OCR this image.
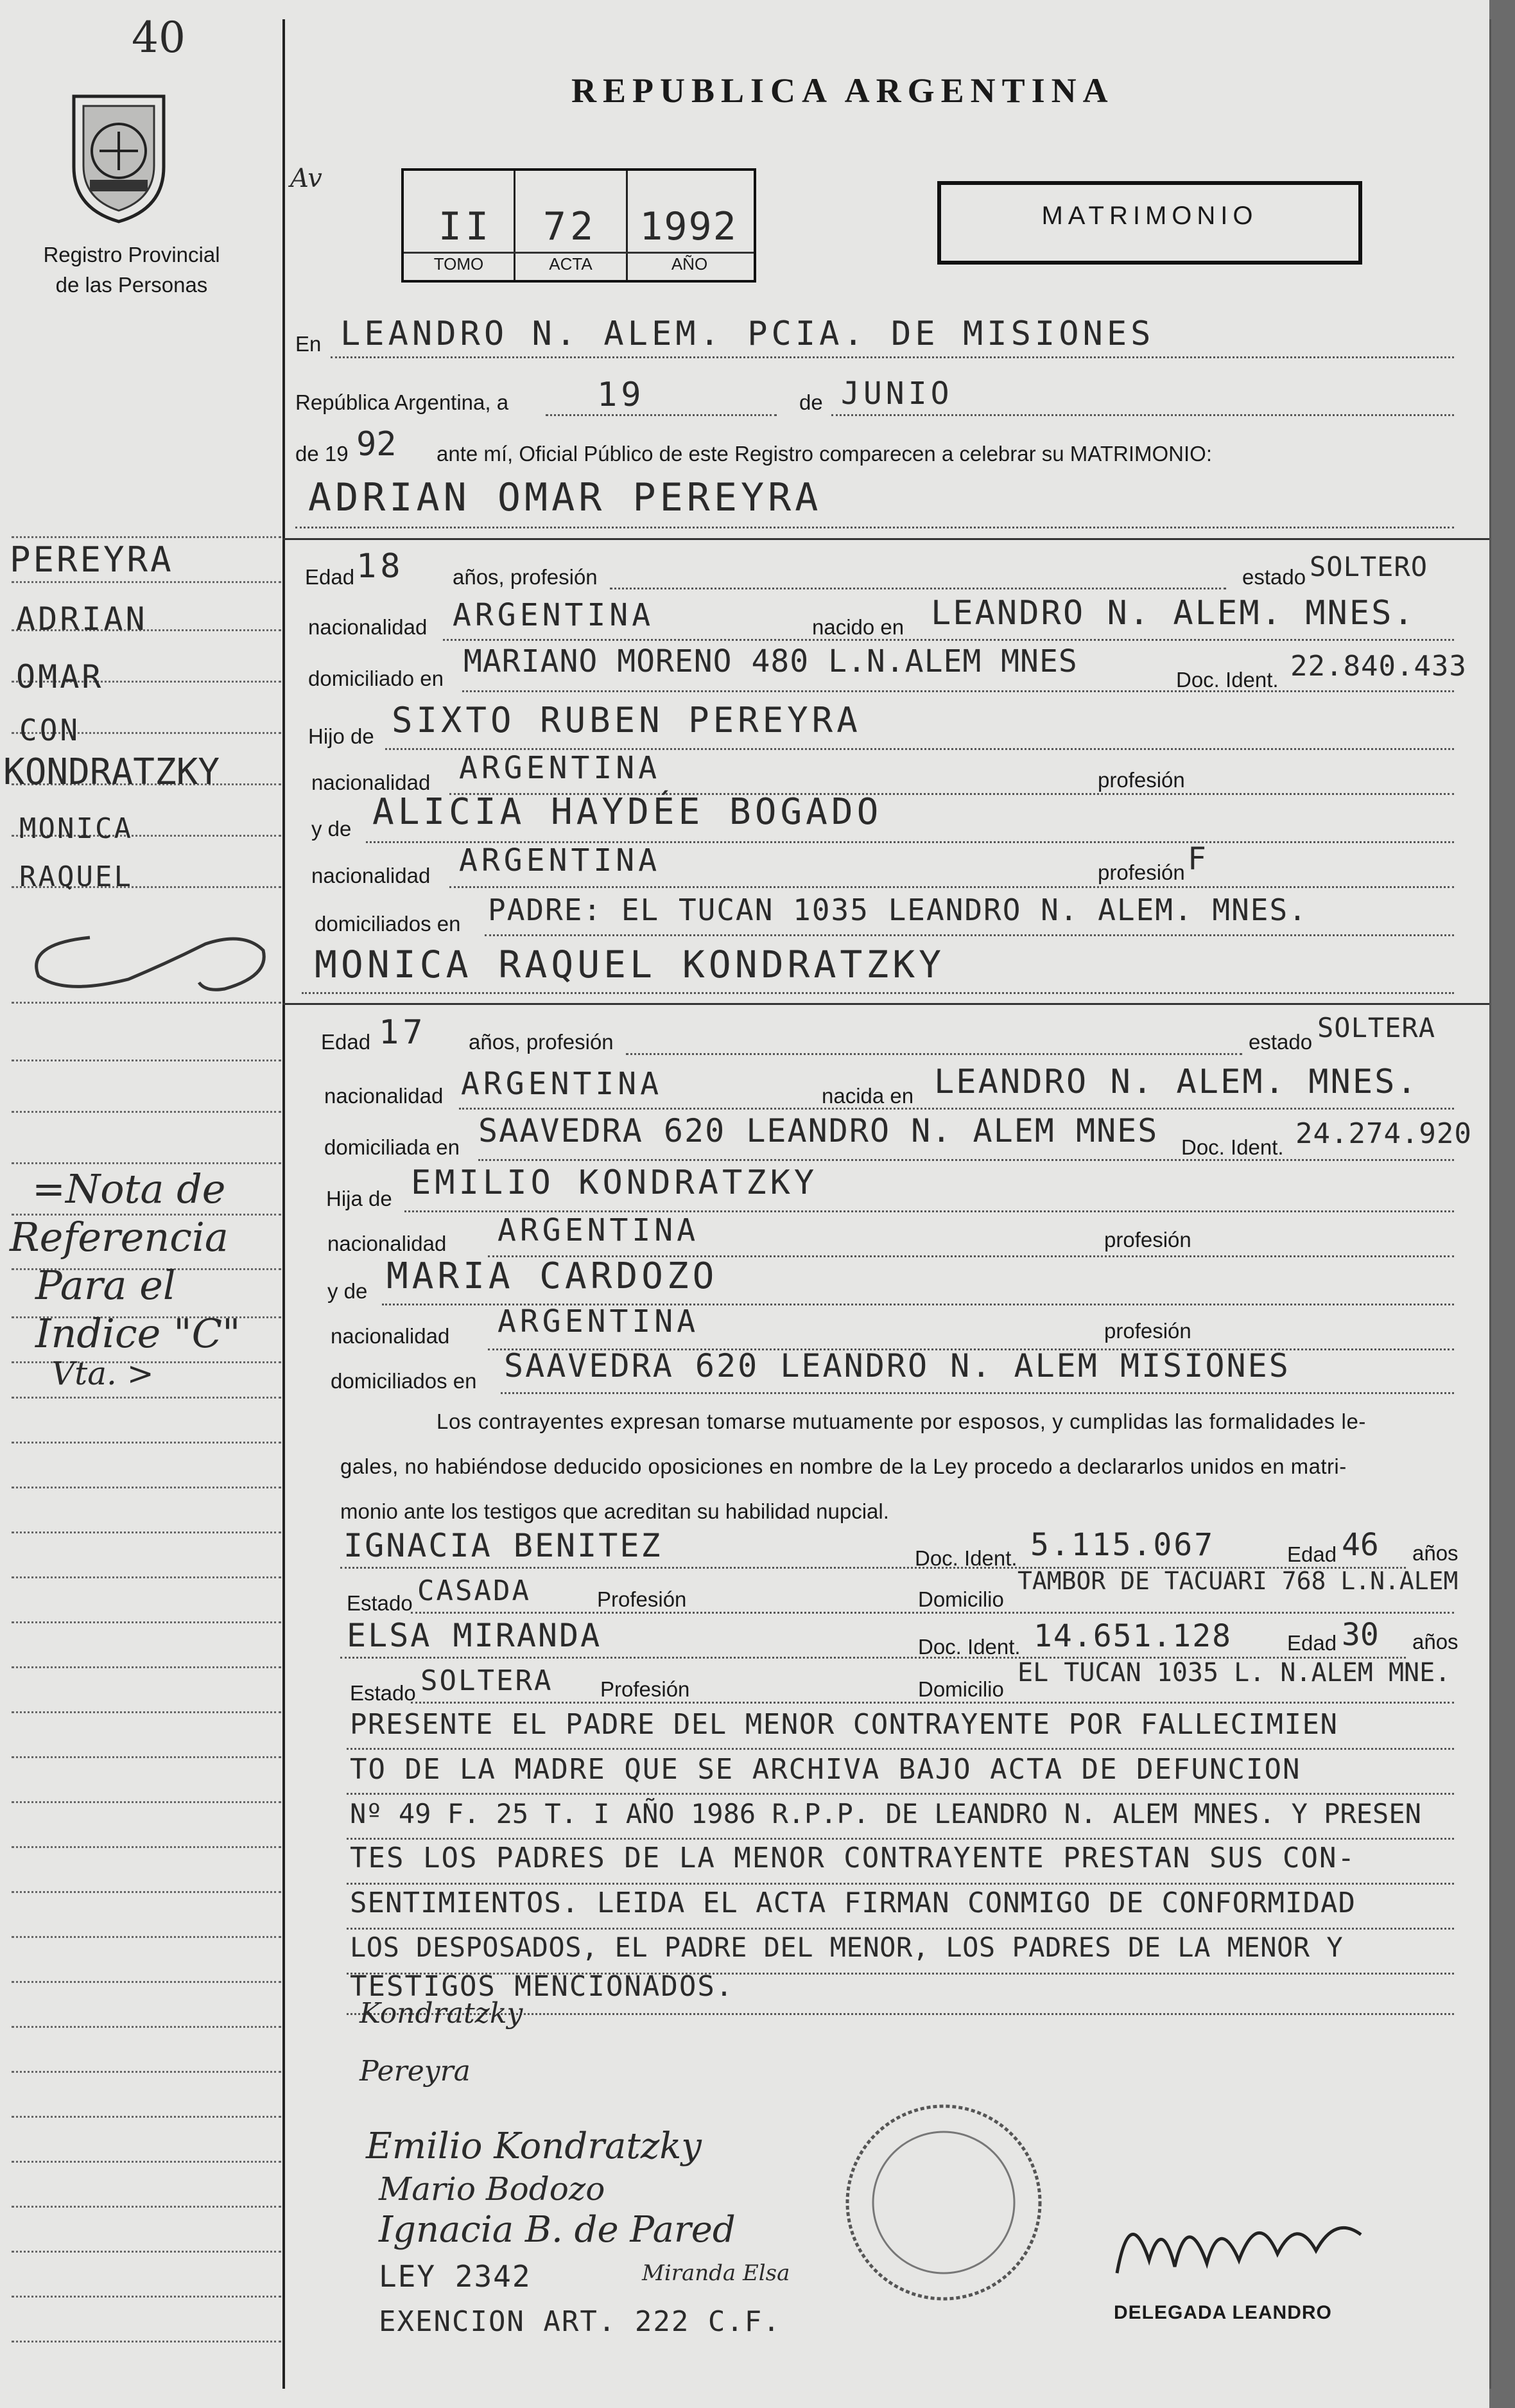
40
Registro Provincial
de las Personas
REPUBLICA ARGENTINA
Av
II	72	1992
TOMO	ACTA	AÑO
MATRIMONIO
En LEANDRO N. ALEM. PCIA. DE MISIONES
República Argentina, a	19	de JUNIO
de 19 92 ante mí, Oficial Público de este Registro comparecen a celebrar su MATRIMONIO:
ADRIAN OMAR PEREYRA
Edad 18 años, profesión	estado SOLTERO
nacionalidad ARGENTINA	nacido en LEANDRO N. ALEM. MNES.
domiciliado en MARIANO MORENO 480 L.N.ALEM MNES
Doc. Ident. 22.840.433
Hijo de SIXTO RUBEN PEREYRA
nacionalidad ARGENTINA	profesión
y de ALICIA HAYDÉE BOGADO
nacionalidad ARGENTINA	profesión F
domiciliados en PADRE: EL TUCAN 1035 LEANDRO N. ALEM. MNES.
MONICA RAQUEL KONDRATZKY
Edad 17 años, profesión	estado SOLTERA
nacionalidad ARGENTINA	nacida en LEANDRO N. ALEM. MNES.
domiciliada en SAAVEDRA 620 LEANDRO N. ALEM MNES Doc. Ident. 24.274.920
Hija de EMILIO KONDRATZKY
nacionalidad ARGENTINA	profesión
y de MARIA CARDOZO
nacionalidad ARGENTINA	profesión
domiciliados en SAAVEDRA 620 LEANDRO N. ALEM MISIONES
Los contrayentes expresan tomarse mutuamente por esposos, y cumplidas las formalidades le-
gales, no habiéndose deducido oposiciones en nombre de la Ley procedo a declararlos unidos en matri-
monio ante los testigos que acreditan su habilidad nupcial.
IGNACIA BENITEZ	Doc. Ident. 5.115.067	Edad 46 años
Estado CASADA	Profesión	Domicilio
TAMBOR DE TACUARI 768 L.N.ALEM
ELSA MIRANDA	Doc. Ident. 14.651.128	Edad 30 años
Estado SOLTERA Profesión	Domicilio
EL TUCAN 1035 L. N.ALEM MNE.
PRESENTE EL PADRE DEL MENOR CONTRAYENTE POR FALLECIMIEN
TO DE LA MADRE QUE SE ARCHIVA BAJO ACTA DE DEFUNCION
Nº 49 F. 25 T. I AÑO 1986 R.P.P. DE LEANDRO N. ALEM MNES. Y PRESEN
TES LOS PADRES DE LA MENOR CONTRAYENTE PRESTAN SUS CON-
SENTIMIENTOS. LEIDA EL ACTA FIRMAN CONMIGO DE CONFORMIDAD
LOS DESPOSADOS, EL PADRE DEL MENOR, LOS PADRES DE LA MENOR Y
TESTIGOS MENCIONADOS.
Kondratzky
Pereyra
Emilio Kondratzky
Mario Bodozo
Ignacia B. de Pared
LEY 2342	Miranda Elsa
EXENCION ART. 222 C.F.	DELEGADA LEANDRO
PEREYRA
ADRIAN
OMAR
CON
KONDRATZKY
MONICA
RAQUEL
=Nota de
Referencia
Para el
Indice "C"
Vta. >
